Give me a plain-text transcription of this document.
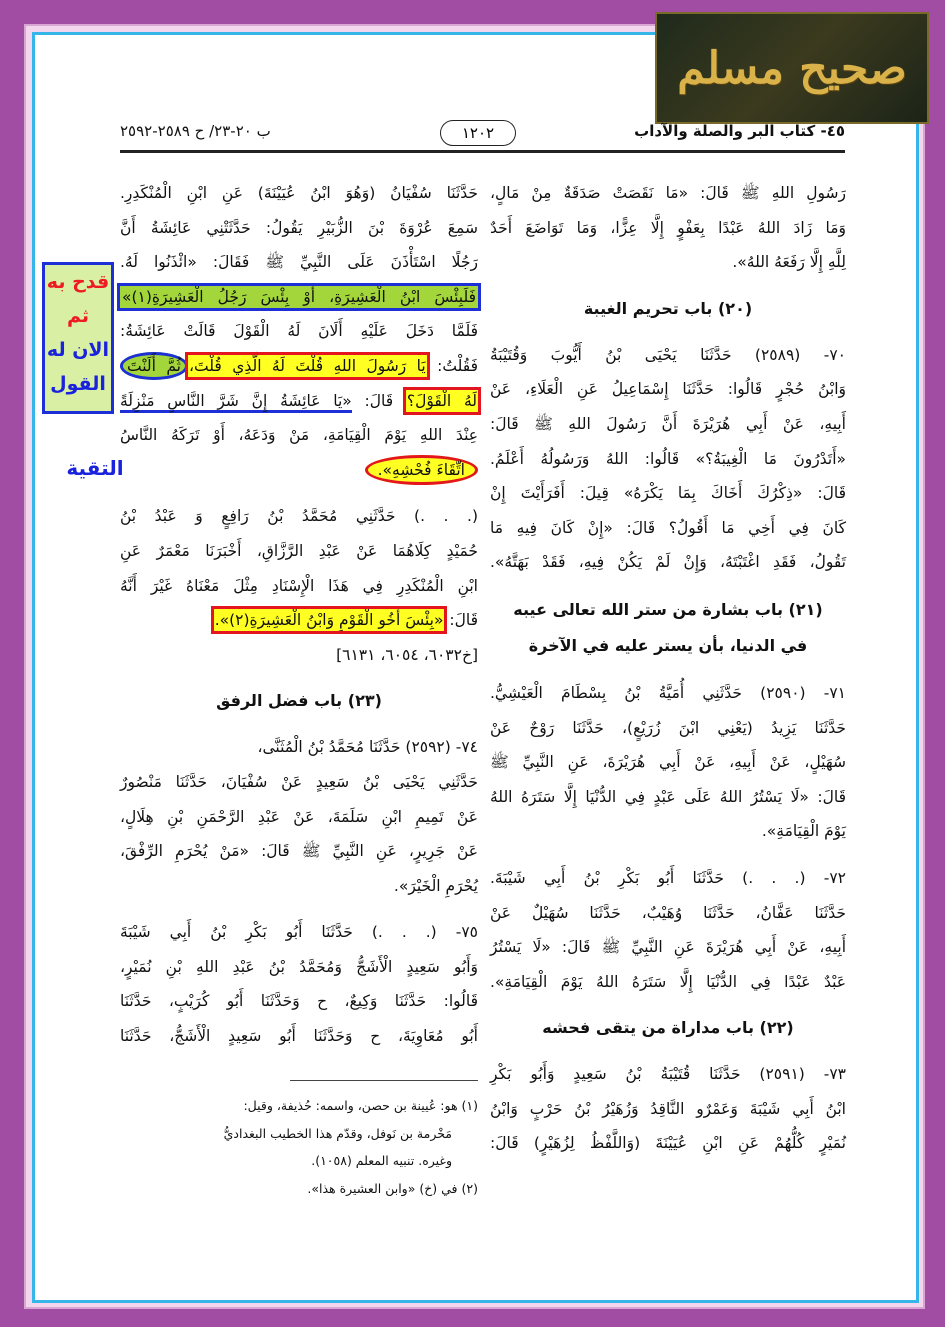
صحيح مسلم
٤٥- كتاب البر والصلة والآداب
١٢٠٢
ب ٢٠-٢٣/ ح ٢٥٨٩-٢٥٩٢
رَسُولِ اللهِ ﷺ قَالَ: «مَا نَقَصَتْ صَدَقَةٌ مِنْ مَالٍ،
وَمَا زَادَ اللهُ عَبْدًا بِعَفْوٍ إِلَّا عِزًّا، وَمَا تَوَاضَعَ أَحَدٌ
لِلَّهِ إِلَّا رَفَعَهُ اللهُ».
(٢٠) باب تحريم الغيبة
٧٠- (٢٥٨٩) حَدَّثَنَا يَحْيَى بْنُ أَيُّوبَ وَقُتَيْبَةُ
وَابْنُ حُجْرٍ قَالُوا: حَدَّثَنَا إِسْمَاعِيلُ عَنِ الْعَلَاءِ، عَنْ
أَبِيهِ، عَنْ أَبِي هُرَيْرَةَ أَنَّ رَسُولَ اللهِ ﷺ قَالَ:
«أَتَدْرُونَ مَا الْغِيبَةُ؟» قَالُوا: اللهُ وَرَسُولُهُ أَعْلَمُ.
قَالَ: «ذِكْرُكَ أَخَاكَ بِمَا يَكْرَهُ» قِيلَ: أَفَرَأَيْتَ إِنْ
كَانَ فِي أَخِي مَا أَقُولُ؟ قَالَ: «إِنْ كَانَ فِيهِ مَا
تَقُولُ، فَقَدِ اغْتَبْتَهُ، وَإِنْ لَمْ يَكُنْ فِيهِ، فَقَدْ بَهَتَّهُ».
(٢١) باب بشارة من ستر الله تعالى عيبه
في الدنيا، بأن يستر عليه في الآخرة
٧١- (٢٥٩٠) حَدَّثَنِي أُمَيَّةُ بْنُ بِسْطَامَ الْعَيْشِيُّ.
حَدَّثَنَا يَزِيدُ (يَعْنِي ابْنَ زُرَيْعٍ)، حَدَّثَنَا رَوْحٌ عَنْ
سُهَيْلٍ، عَنْ أَبِيهِ، عَنْ أَبِي هُرَيْرَةَ، عَنِ النَّبِيِّ ﷺ
قَالَ: «لَا يَسْتُرُ اللهُ عَلَى عَبْدٍ فِي الدُّنْيَا إِلَّا سَتَرَهُ اللهُ
يَوْمَ الْقِيَامَةِ».
٧٢- (. . .) حَدَّثَنَا أَبُو بَكْرِ بْنُ أَبِي شَيْبَةَ.
حَدَّثَنَا عَفَّانُ، حَدَّثَنَا وُهَيْبٌ، حَدَّثَنَا سُهَيْلٌ عَنْ
أَبِيهِ، عَنْ أَبِي هُرَيْرَةَ عَنِ النَّبِيِّ ﷺ قَالَ: «لَا يَسْتُرُ
عَبْدٌ عَبْدًا فِي الدُّنْيَا إِلَّا سَتَرَهُ اللهُ يَوْمَ الْقِيَامَةِ».
(٢٢) باب مداراة من يتقى فحشه
٧٣- (٢٥٩١) حَدَّثَنَا قُتَيْبَةُ بْنُ سَعِيدٍ وَأَبُو بَكْرِ
ابْنُ أَبِي شَيْبَةَ وَعَمْرٌو النَّاقِدُ وَزُهَيْرُ بْنُ حَرْبٍ وَابْنُ
نُمَيْرٍ كُلُّهُمْ عَنِ ابْنِ عُيَيْنَةَ (وَاللَّفْظُ لِزُهَيْرٍ) قَالَ:
حَدَّثَنَا سُفْيَانُ (وَهُوَ ابْنُ عُيَيْنَةَ) عَنِ ابْنِ الْمُنْكَدِرِ.
سَمِعَ عُرْوَةَ بْنَ الزُّبَيْرِ يَقُولُ: حَدَّثَتْنِي عَائِشَةُ أَنَّ
رَجُلًا اسْتَأْذَنَ عَلَى النَّبِيِّ ﷺ فَقَالَ: «ائْذَنُوا لَهُ.
فَلَبِئْسَ ابْنُ الْعَشِيرَةِ، أَوْ بِئْسَ رَجُلُ الْعَشِيرَةِ(١)»
فَلَمَّا دَخَلَ عَلَيْهِ أَلَانَ لَهُ الْقَوْلَ قَالَتْ عَائِشَةُ:
فَقُلْتُ: يَا رَسُولَ اللهِ قُلْتَ لَهُ الَّذِي قُلْتَ،ثُمَّ أَلَنْتَ
لَهُ الْقَوْلَ؟ قَالَ: «يَا عَائِشَةُ إِنَّ شَرَّ النَّاسِ مَنْزِلَةً
عِنْدَ اللهِ يَوْمَ الْقِيَامَةِ، مَنْ وَدَعَهُ، أَوْ تَرَكَهُ النَّاسُ
اتِّقَاءَ فُحْشِهِ».
(. . .) حَدَّثَنِي مُحَمَّدُ بْنُ رَافِعٍ وَ عَبْدُ بْنُ
حُمَيْدٍ كِلَاهُمَا عَنْ عَبْدِ الرَّزَّاقِ، أَخْبَرَنَا مَعْمَرٌ عَنِ
ابْنِ الْمُنْكَدِرِ فِي هَذَا الْإِسْنَادِ مِثْلَ مَعْنَاهُ غَيْرَ أَنَّهُ
قَالَ: «بِئْسَ أَخُو الْقَوْمِ وَابْنُ الْعَشِيرَةِ(٢)».
[خ٦٠٣٢، ٦٠٥٤، ٦١٣١]
(٢٣) باب فضل الرفق
٧٤- (٢٥٩٢) حَدَّثَنَا مُحَمَّدُ بْنُ الْمُثَنَّى،
حَدَّثَنِي يَحْيَى بْنُ سَعِيدٍ عَنْ سُفْيَانَ، حَدَّثَنَا مَنْصُورٌ
عَنْ تَمِيمِ ابْنِ سَلَمَةَ، عَنْ عَبْدِ الرَّحْمَنِ بْنِ هِلَالٍ،
عَنْ جَرِيرٍ، عَنِ النَّبِيِّ ﷺ قَالَ: «مَنْ يُحْرَمِ الرِّفْقَ،
يُحْرَمِ الْخَيْرَ».
٧٥- (. . .) حَدَّثَنَا أَبُو بَكْرِ بْنُ أَبِي شَيْبَةَ
وَأَبُو سَعِيدٍ الْأَشَجُّ وَمُحَمَّدُ بْنُ عَبْدِ اللهِ بْنِ نُمَيْرٍ،
قَالُوا: حَدَّثَنَا وَكِيعٌ، ح وَحَدَّثَنَا أَبُو كُرَيْبٍ، حَدَّثَنَا
أَبُو مُعَاوِيَةَ، ح وَحَدَّثَنَا أَبُو سَعِيدٍ الْأَشَجُّ، حَدَّثَنَا
(١) هو: عُيينة بن حصن، واسمه: حُذيفة، وقيل:
مَخْرمة بن نَوفل، وقدّم هذا الخطيب البغداديُّ
وغيره. تنبيه المعلم (١٠٥٨).
(٢) في (خ) «وابن العشيرة هذا».
قدح به
ثم
الان له
القول
التقية
